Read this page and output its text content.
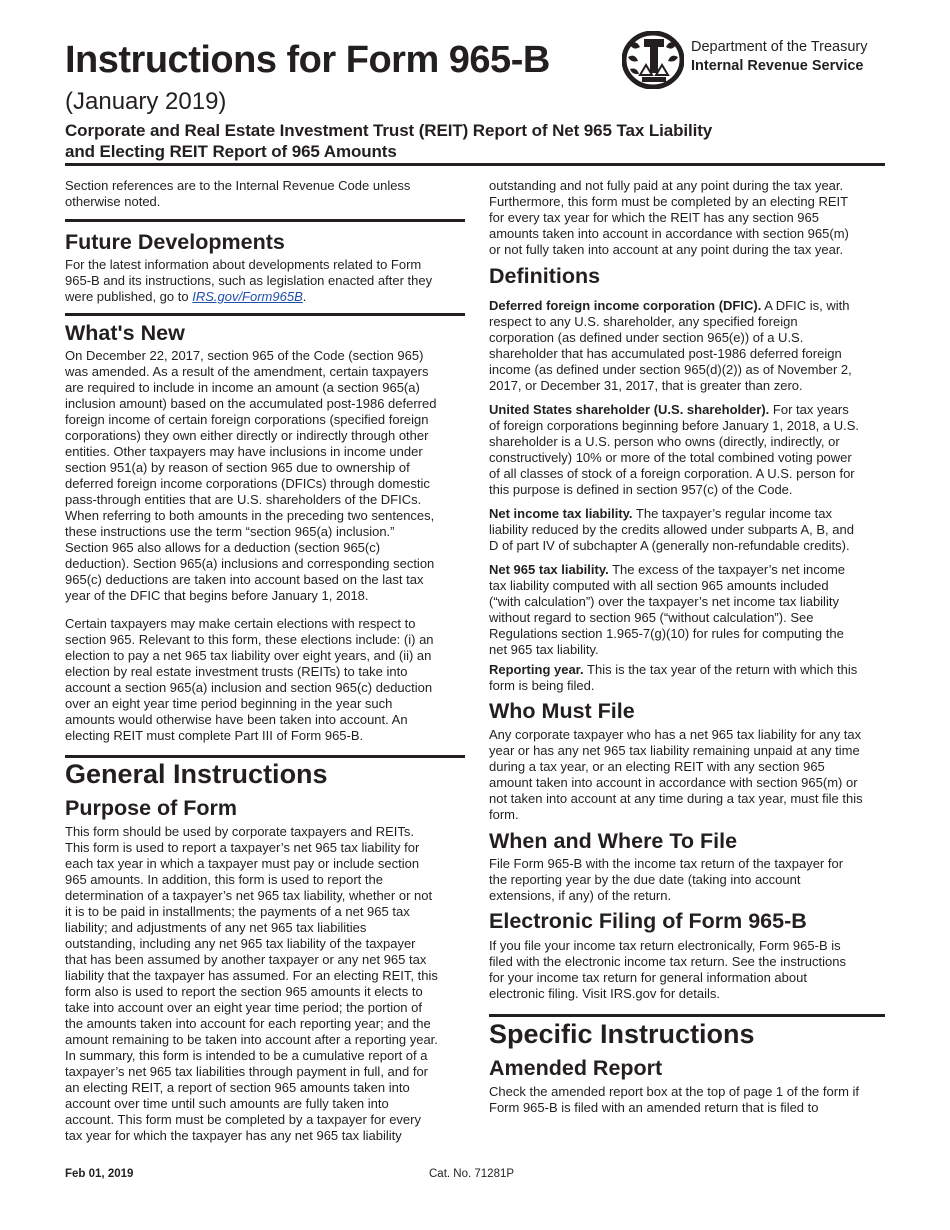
Instructions for Form 965-B
(January 2019)
Corporate and Real Estate Investment Trust (REIT) Report of Net 965 Tax Liability
and Electing REIT Report of 965 Amounts
Department of the Treasury
Internal Revenue Service
Section references are to the Internal Revenue Code unless
otherwise noted.
Future Developments
For the latest information about developments related to Form
965-B and its instructions, such as legislation enacted after they
were published, go to IRS.gov/Form965B.
What's New
On December 22, 2017, section 965 of the Code (section 965)
was amended. As a result of the amendment, certain taxpayers
are required to include in income an amount (a section 965(a)
inclusion amount) based on the accumulated post-1986 deferred
foreign income of certain foreign corporations (specified foreign
corporations) they own either directly or indirectly through other
entities. Other taxpayers may have inclusions in income under
section 951(a) by reason of section 965 due to ownership of
deferred foreign income corporations (DFICs) through domestic
pass-through entities that are U.S. shareholders of the DFICs.
When referring to both amounts in the preceding two sentences,
these instructions use the term “section 965(a) inclusion.”
Section 965 also allows for a deduction (section 965(c)
deduction). Section 965(a) inclusions and corresponding section
965(c) deductions are taken into account based on the last tax
year of the DFIC that begins before January 1, 2018.
Certain taxpayers may make certain elections with respect to
section 965. Relevant to this form, these elections include: (i) an
election to pay a net 965 tax liability over eight years, and (ii) an
election by real estate investment trusts (REITs) to take into
account a section 965(a) inclusion and section 965(c) deduction
over an eight year time period beginning in the year such
amounts would otherwise have been taken into account. An
electing REIT must complete Part III of Form 965-B.
General Instructions
Purpose of Form
This form should be used by corporate taxpayers and REITs.
This form is used to report a taxpayer’s net 965 tax liability for
each tax year in which a taxpayer must pay or include section
965 amounts. In addition, this form is used to report the
determination of a taxpayer’s net 965 tax liability, whether or not
it is to be paid in installments; the payments of a net 965 tax
liability; and adjustments of any net 965 tax liabilities
outstanding, including any net 965 tax liability of the taxpayer
that has been assumed by another taxpayer or any net 965 tax
liability that the taxpayer has assumed. For an electing REIT, this
form also is used to report the section 965 amounts it elects to
take into account over an eight year time period; the portion of
the amounts taken into account for each reporting year; and the
amount remaining to be taken into account after a reporting year.
In summary, this form is intended to be a cumulative report of a
taxpayer’s net 965 tax liabilities through payment in full, and for
an electing REIT, a report of section 965 amounts taken into
account over time until such amounts are fully taken into
account. This form must be completed by a taxpayer for every
tax year for which the taxpayer has any net 965 tax liability
outstanding and not fully paid at any point during the tax year.
Furthermore, this form must be completed by an electing REIT
for every tax year for which the REIT has any section 965
amounts taken into account in accordance with section 965(m)
or not fully taken into account at any point during the tax year.
Definitions
Deferred foreign income corporation (DFIC). A DFIC is, with
respect to any U.S. shareholder, any specified foreign
corporation (as defined under section 965(e)) of a U.S.
shareholder that has accumulated post-1986 deferred foreign
income (as defined under section 965(d)(2)) as of November 2,
2017, or December 31, 2017, that is greater than zero.
United States shareholder (U.S. shareholder). For tax years
of foreign corporations beginning before January 1, 2018, a U.S.
shareholder is a U.S. person who owns (directly, indirectly, or
constructively) 10% or more of the total combined voting power
of all classes of stock of a foreign corporation. A U.S. person for
this purpose is defined in section 957(c) of the Code.
Net income tax liability. The taxpayer’s regular income tax
liability reduced by the credits allowed under subparts A, B, and
D of part IV of subchapter A (generally non-refundable credits).
Net 965 tax liability. The excess of the taxpayer’s net income
tax liability computed with all section 965 amounts included
(“with calculation”) over the taxpayer’s net income tax liability
without regard to section 965 (“without calculation”). See
Regulations section 1.965-7(g)(10) for rules for computing the
net 965 tax liability.
Reporting year. This is the tax year of the return with which this
form is being filed.
Who Must File
Any corporate taxpayer who has a net 965 tax liability for any tax
year or has any net 965 tax liability remaining unpaid at any time
during a tax year, or an electing REIT with any section 965
amount taken into account in accordance with section 965(m) or
not taken into account at any time during a tax year, must file this
form.
When and Where To File
File Form 965-B with the income tax return of the taxpayer for
the reporting year by the due date (taking into account
extensions, if any) of the return.
Electronic Filing of Form 965-B
If you file your income tax return electronically, Form 965-B is
filed with the electronic income tax return. See the instructions
for your income tax return for general information about
electronic filing. Visit IRS.gov for details.
Specific Instructions
Amended Report
Check the amended report box at the top of page 1 of the form if
Form 965-B is filed with an amended return that is filed to
Feb 01, 2019	Cat. No. 71281P
